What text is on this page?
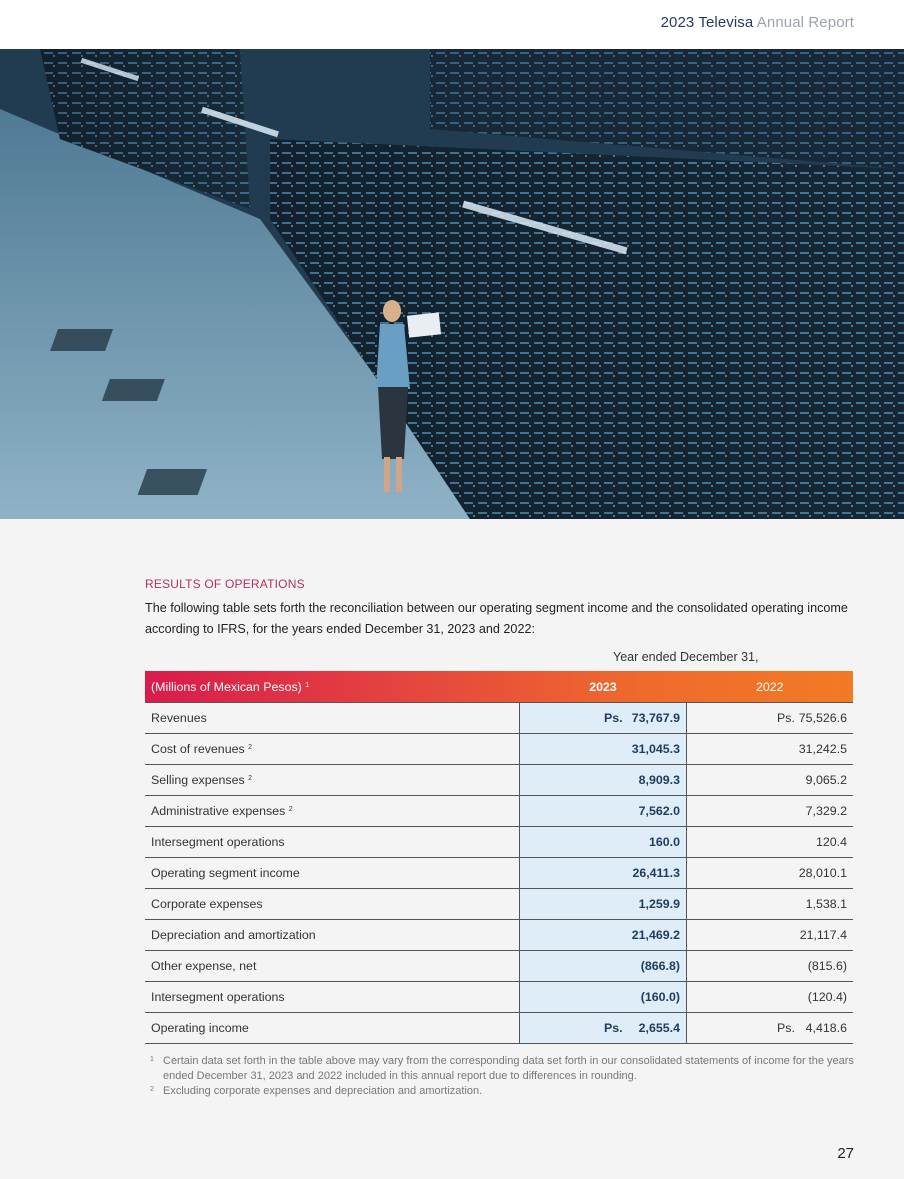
2023 Televisa Annual Report
RESULTS OF OPERATIONS
The following table sets forth the reconciliation between our operating segment income and the consolidated operating income according to IFRS, for the years ended December 31, 2023 and 2022:
Year ended December 31,
(Millions of Mexican Pesos) $^1$	2023	2022
Revenues	Ps. 73,767.9	Ps. 75,526.6
Cost of revenues $^2$	31,045.3	31,242.5
Selling expenses $^2$	8,909.3	9,065.2
Administrative expenses $^2$	7,562.0	7,329.2
Intersegment operations	160.0	120.4
Operating segment income	26,411.3	28,010.1
Corporate expenses	1,259.9	1,538.1
Depreciation and amortization	21,469.2	21,117.4
Other expense, net	(866.8)	(815.6)
Intersegment operations	(160.0)	(120.4)
Operating income	Ps. 2,655.4	Ps. 4,418.6
1 Certain data set forth in the table above may vary from the corresponding data set forth in our consolidated statements of income for the years ended December 31, 2023 and 2022 included in this annual report due to differences in rounding.
2 Excluding corporate expenses and depreciation and amortization.
27
